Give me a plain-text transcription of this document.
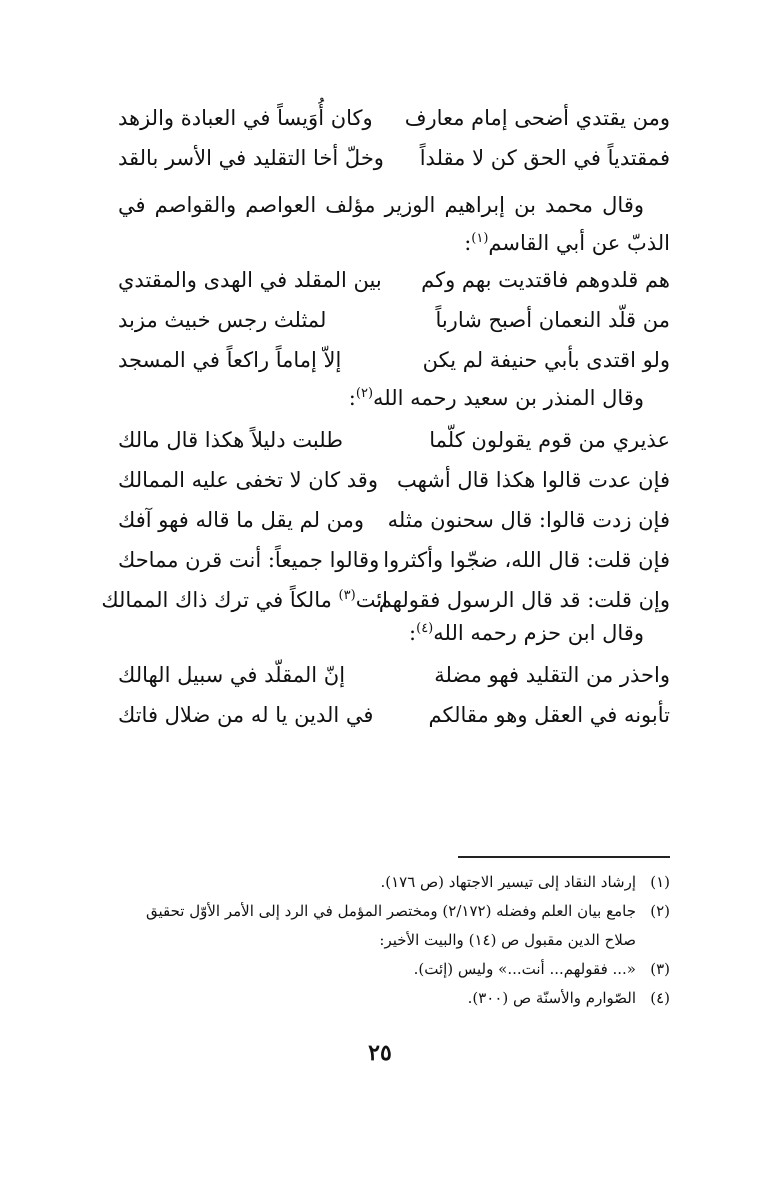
ومن يقتدي أضحى إمام معارف
وكان أُوَيساً في العبادة والزهد
فمقتدياً في الحق كن لا مقلداً
وخلّ أخا التقليد في الأسر بالقد

وقال محمد بن إبراهيم الوزير مؤلف العواصم والقواصم في الذبّ عن أبي القاسم$^{(١)}$:

هم قلدوهم فاقتديت بهم وكم
بين المقلد في الهدى والمقتدي
من قلّد النعمان أصبح شارباً
لمثلث رجس خبيث مزبد
ولو اقتدى بأبي حنيفة لم يكن
إلاّ إماماً راكعاً في المسجد

وقال المنذر بن سعيد رحمه الله$^{(٢)}$:

عذيري من قوم يقولون كلّما
طلبت دليلاً هكذا قال مالك
فإن عدت قالوا هكذا قال أشهب
وقد كان لا تخفى عليه الممالك
فإن زدت قالوا: قال سحنون مثله
ومن لم يقل ما قاله فهو آفك
فإن قلت: قال الله، ضجّوا وأكثروا
وقالوا جميعاً: أنت قرن مماحك
وإن قلت: قد قال الرسول فقولهم
ائت$^{(٣)}$ مالكاً في ترك ذاك الممالك

وقال ابن حزم رحمه الله$^{(٤)}$:

واحذر من التقليد فهو مضلة
إنّ المقلّد في سبيل الهالك
تأبونه في العقل وهو مقالكم
في الدين يا له من ضلال فاتك
(١)
إرشاد النقاد إلى تيسير الاجتهاد (ص ١٧٦).
(٢)
جامع بيان العلم وفضله (٢/١٧٢) ومختصر المؤمل في الرد إلى الأمر الأوّل تحقيق صلاح الدين مقبول ص (١٤) والبيت الأخير:
(٣)
«... فقولهم... أنت...» وليس (إئت).
(٤)
الصّوارم والأسنّة ص (٣٠٠).
٢٥
